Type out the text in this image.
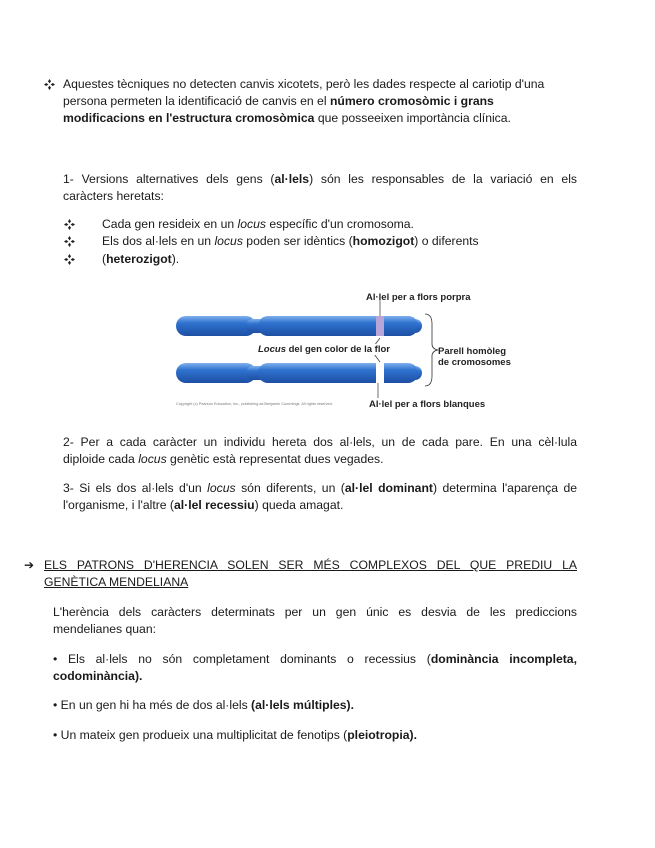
Aquestes tècniques no detecten canvis xicotets, però les dades respecte al cariotip d'una

persona permeten la identificació de canvis en el número cromosòmic i grans

modificacions en l'estructura cromosòmica que posseeixen importància clínica.

1- Versions alternatives dels gens (al·lels) són les responsables de la variació en els

caràcters heretats:

Cada gen resideix en un locus específic d'un cromosoma.

Els dos al·lels en un locus poden ser idèntics (homozigot) o diferents

(heterozigot).

Al·lel per a flors porpra

Locus del gen color de la flor	Parell homòleg
de cromosomes

Al·lel per a flors blanques

Copyright (c) Pearson Education, Inc., publishing as Benjamin Cummings. All rights reserved.

2- Per a cada caràcter un individu hereta dos al·lels, un de cada pare. En una cèl·lula

diploide cada locus genètic està representat dues vegades.

3- Si els dos al·lels d'un locus són diferents, un (al·lel dominant) determina l'aparença de

l'organisme, i l'altre (al·lel recessiu) queda amagat.

➔ ELS PATRONS D'HERENCIA SOLEN SER MÉS COMPLEXOS DEL QUE PREDIU LA

GENÈTICA MENDELIANA

L'herència dels caràcters determinats per un gen únic es desvia de les prediccions

mendelianes quan:

• Els al·lels no són completament dominants o recessius (dominància incompleta,

codominància).

• En un gen hi ha més de dos al·lels (al·lels múltiples).

• Un mateix gen produeix una multiplicitat de fenotips (pleiotropia).
